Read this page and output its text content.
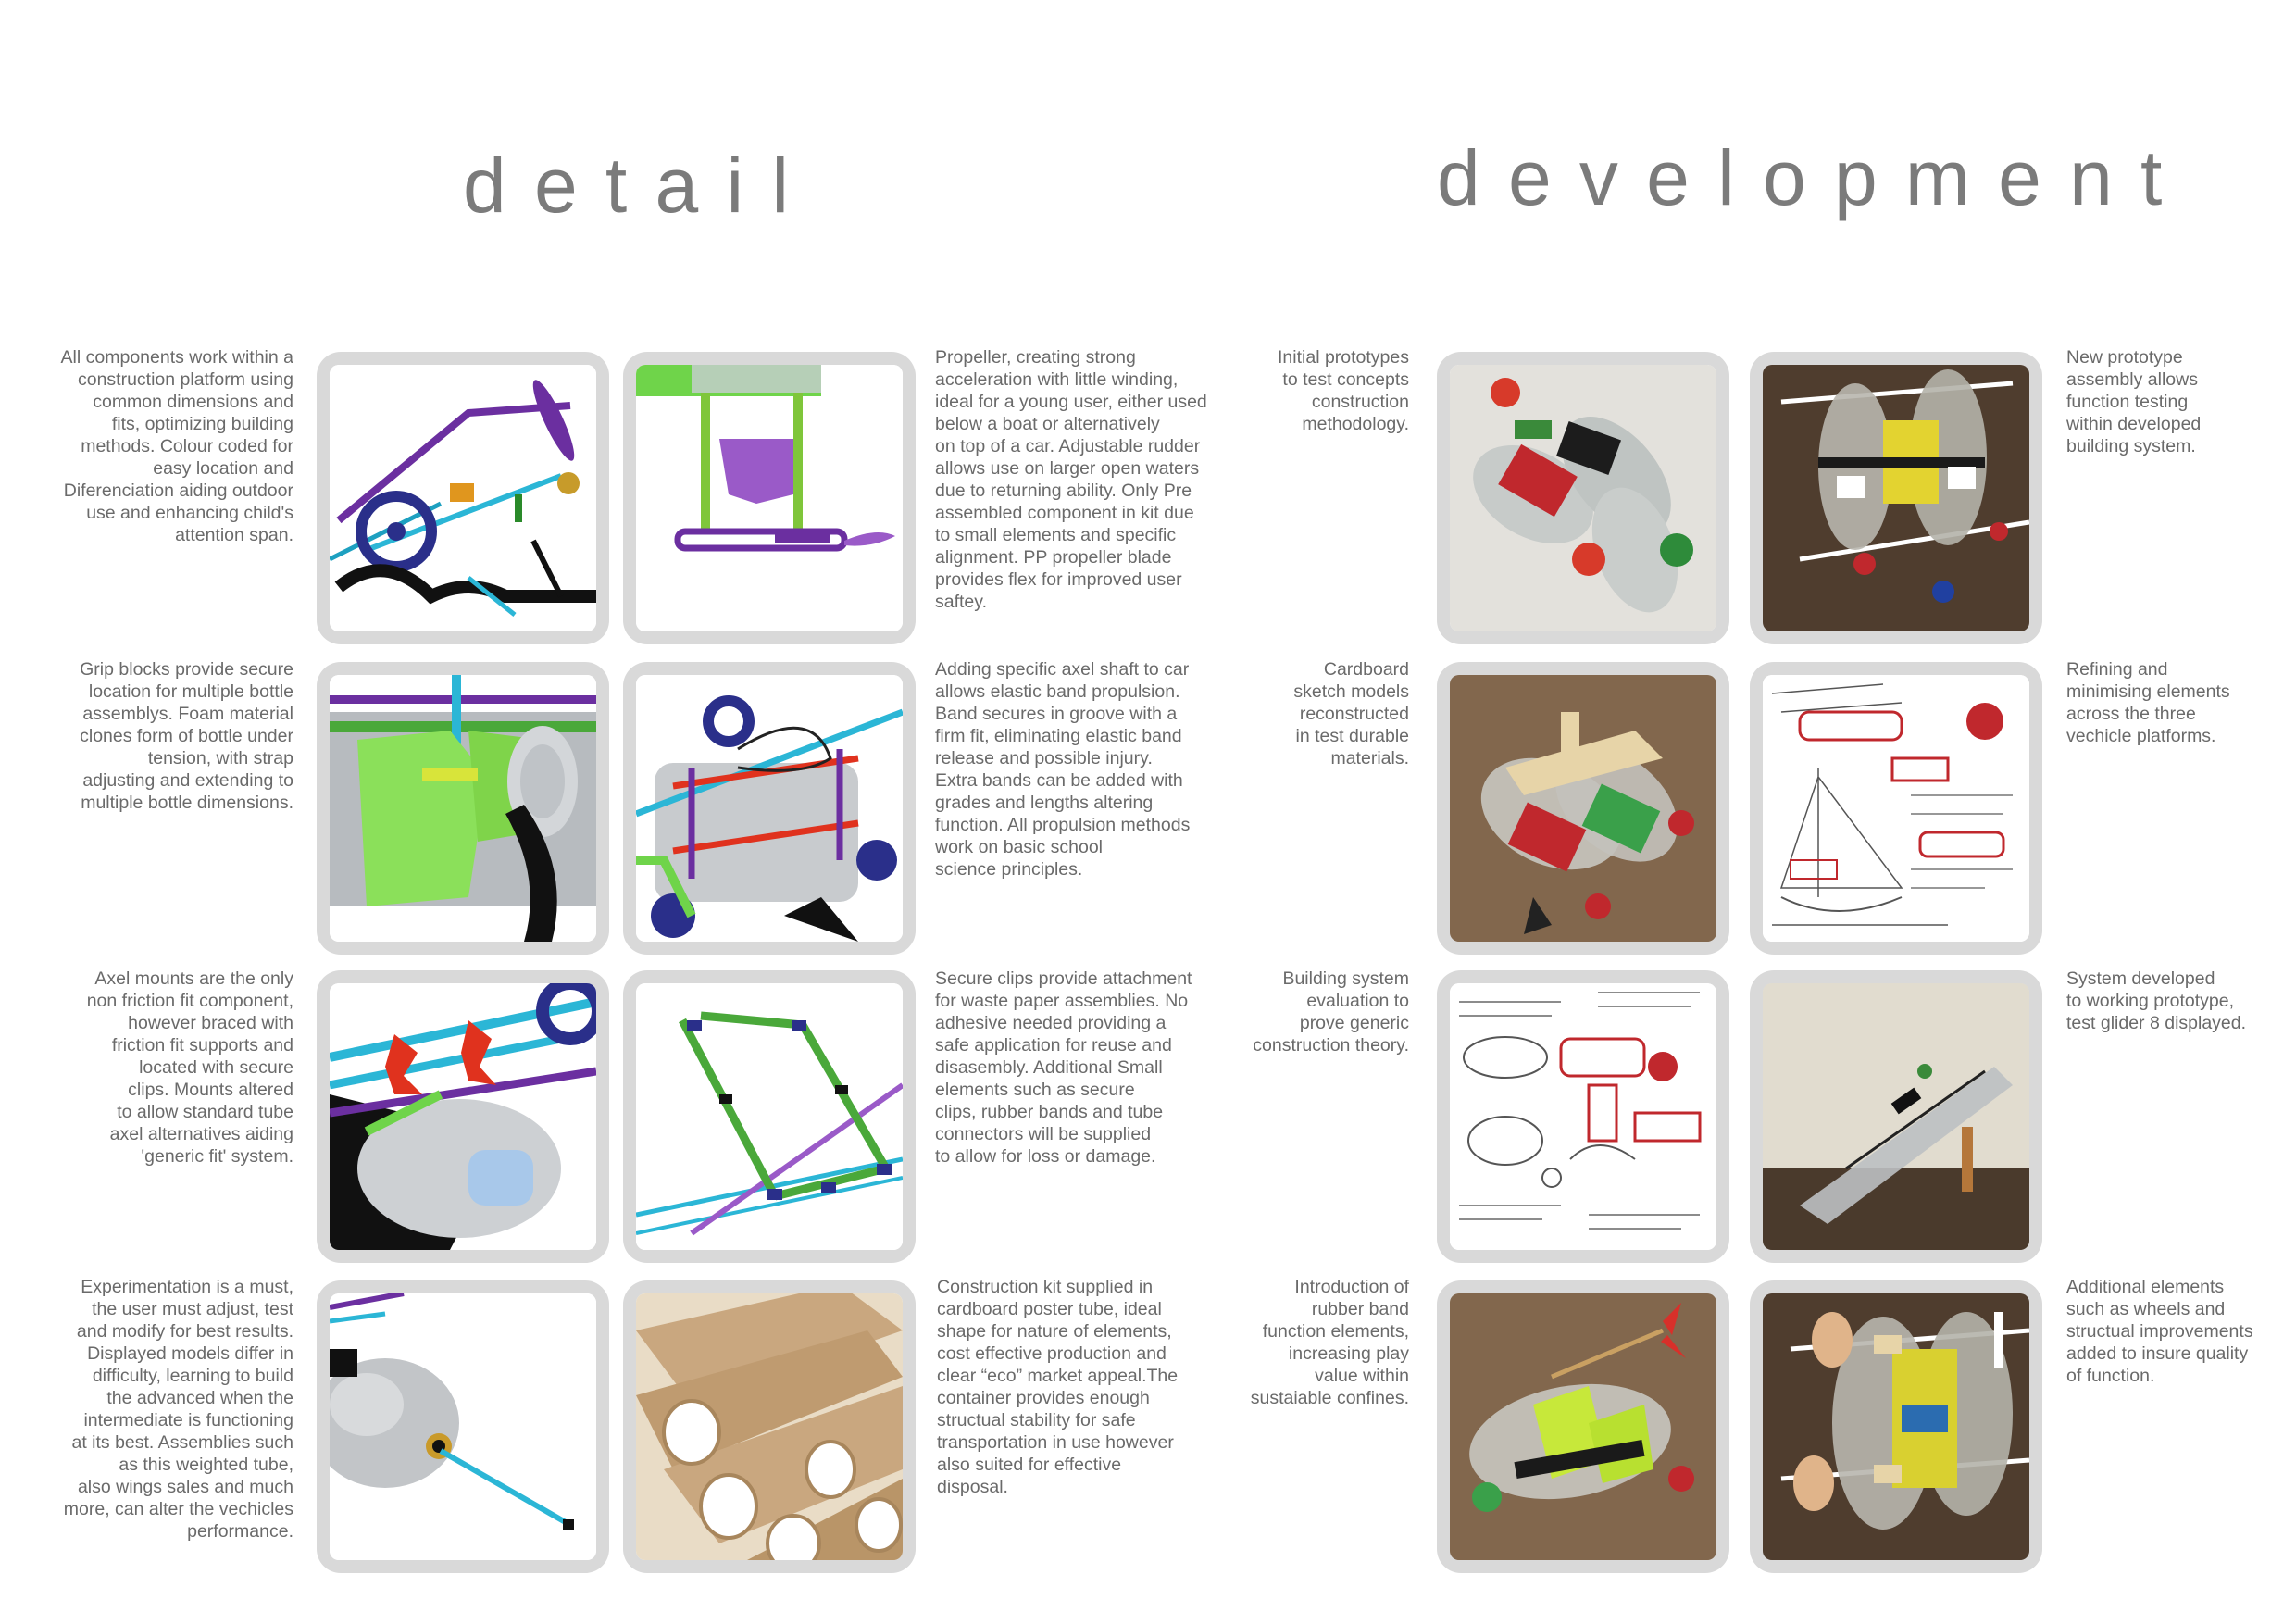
detail	development

All components work within a
construction platform using
common dimensions and
fits, optimizing building
methods. Colour coded for
easy location and
Diferenciation aiding outdoor
use and enhancing child's
attention span.

Propeller, creating strong
acceleration with little winding,
ideal for a young user, either used
below a boat or alternatively
on top of a car. Adjustable rudder
allows use on larger open waters
due to returning ability. Only Pre
assembled component in kit due
to small elements and specific
alignment. PP propeller blade
provides flex for improved user
saftey.

Grip blocks provide secure
location for multiple bottle
assemblys. Foam material
clones form of bottle under
tension, with strap
adjusting and extending to
multiple bottle dimensions.

Adding specific axel shaft to car
allows elastic band propulsion.
Band secures in groove with a
firm fit, eliminating elastic band
release and possible injury.
Extra bands can be added with
grades and lengths altering
function. All propulsion methods
work on basic school
science principles.

Axel mounts are the only
non friction fit component,
however braced with
friction fit supports and
located with secure
clips. Mounts altered
to allow standard tube
axel alternatives aiding
'generic fit' system.

Secure clips provide attachment
for waste paper assemblies. No
adhesive needed providing a
safe application for reuse and
disasembly. Additional Small
elements such as secure
clips, rubber bands and tube
connectors will be supplied
to allow for loss or damage.

Experimentation is a must,
the user must adjust, test
and modify for best results.
Displayed models differ in
difficulty, learning to build
the advanced when the
intermediate is functioning
at its best. Assemblies such
as this weighted tube,
also wings sales and much
more, can alter the vechicles
performance.

Construction kit supplied in
cardboard poster tube, ideal
shape for nature of elements,
cost effective production and
clear “eco” market appeal.The
container provides enough
structual stability for safe
transportation in use however
also suited for effective
disposal.

Initial prototypes
to test concepts
construction
methodology.

New prototype
assembly allows
function testing
within developed
building system.

Cardboard
sketch models
reconstructed
in test durable
materials.

Refining and
minimising elements
across the three
vechicle platforms.

Building system
evaluation to
prove generic
construction theory.

System developed
to working prototype,
test glider 8 displayed.

Introduction of
rubber band
function elements,
increasing play
value within
sustaiable confines.

Additional elements
such as wheels and
structual improvements
added to insure quality
of function.
